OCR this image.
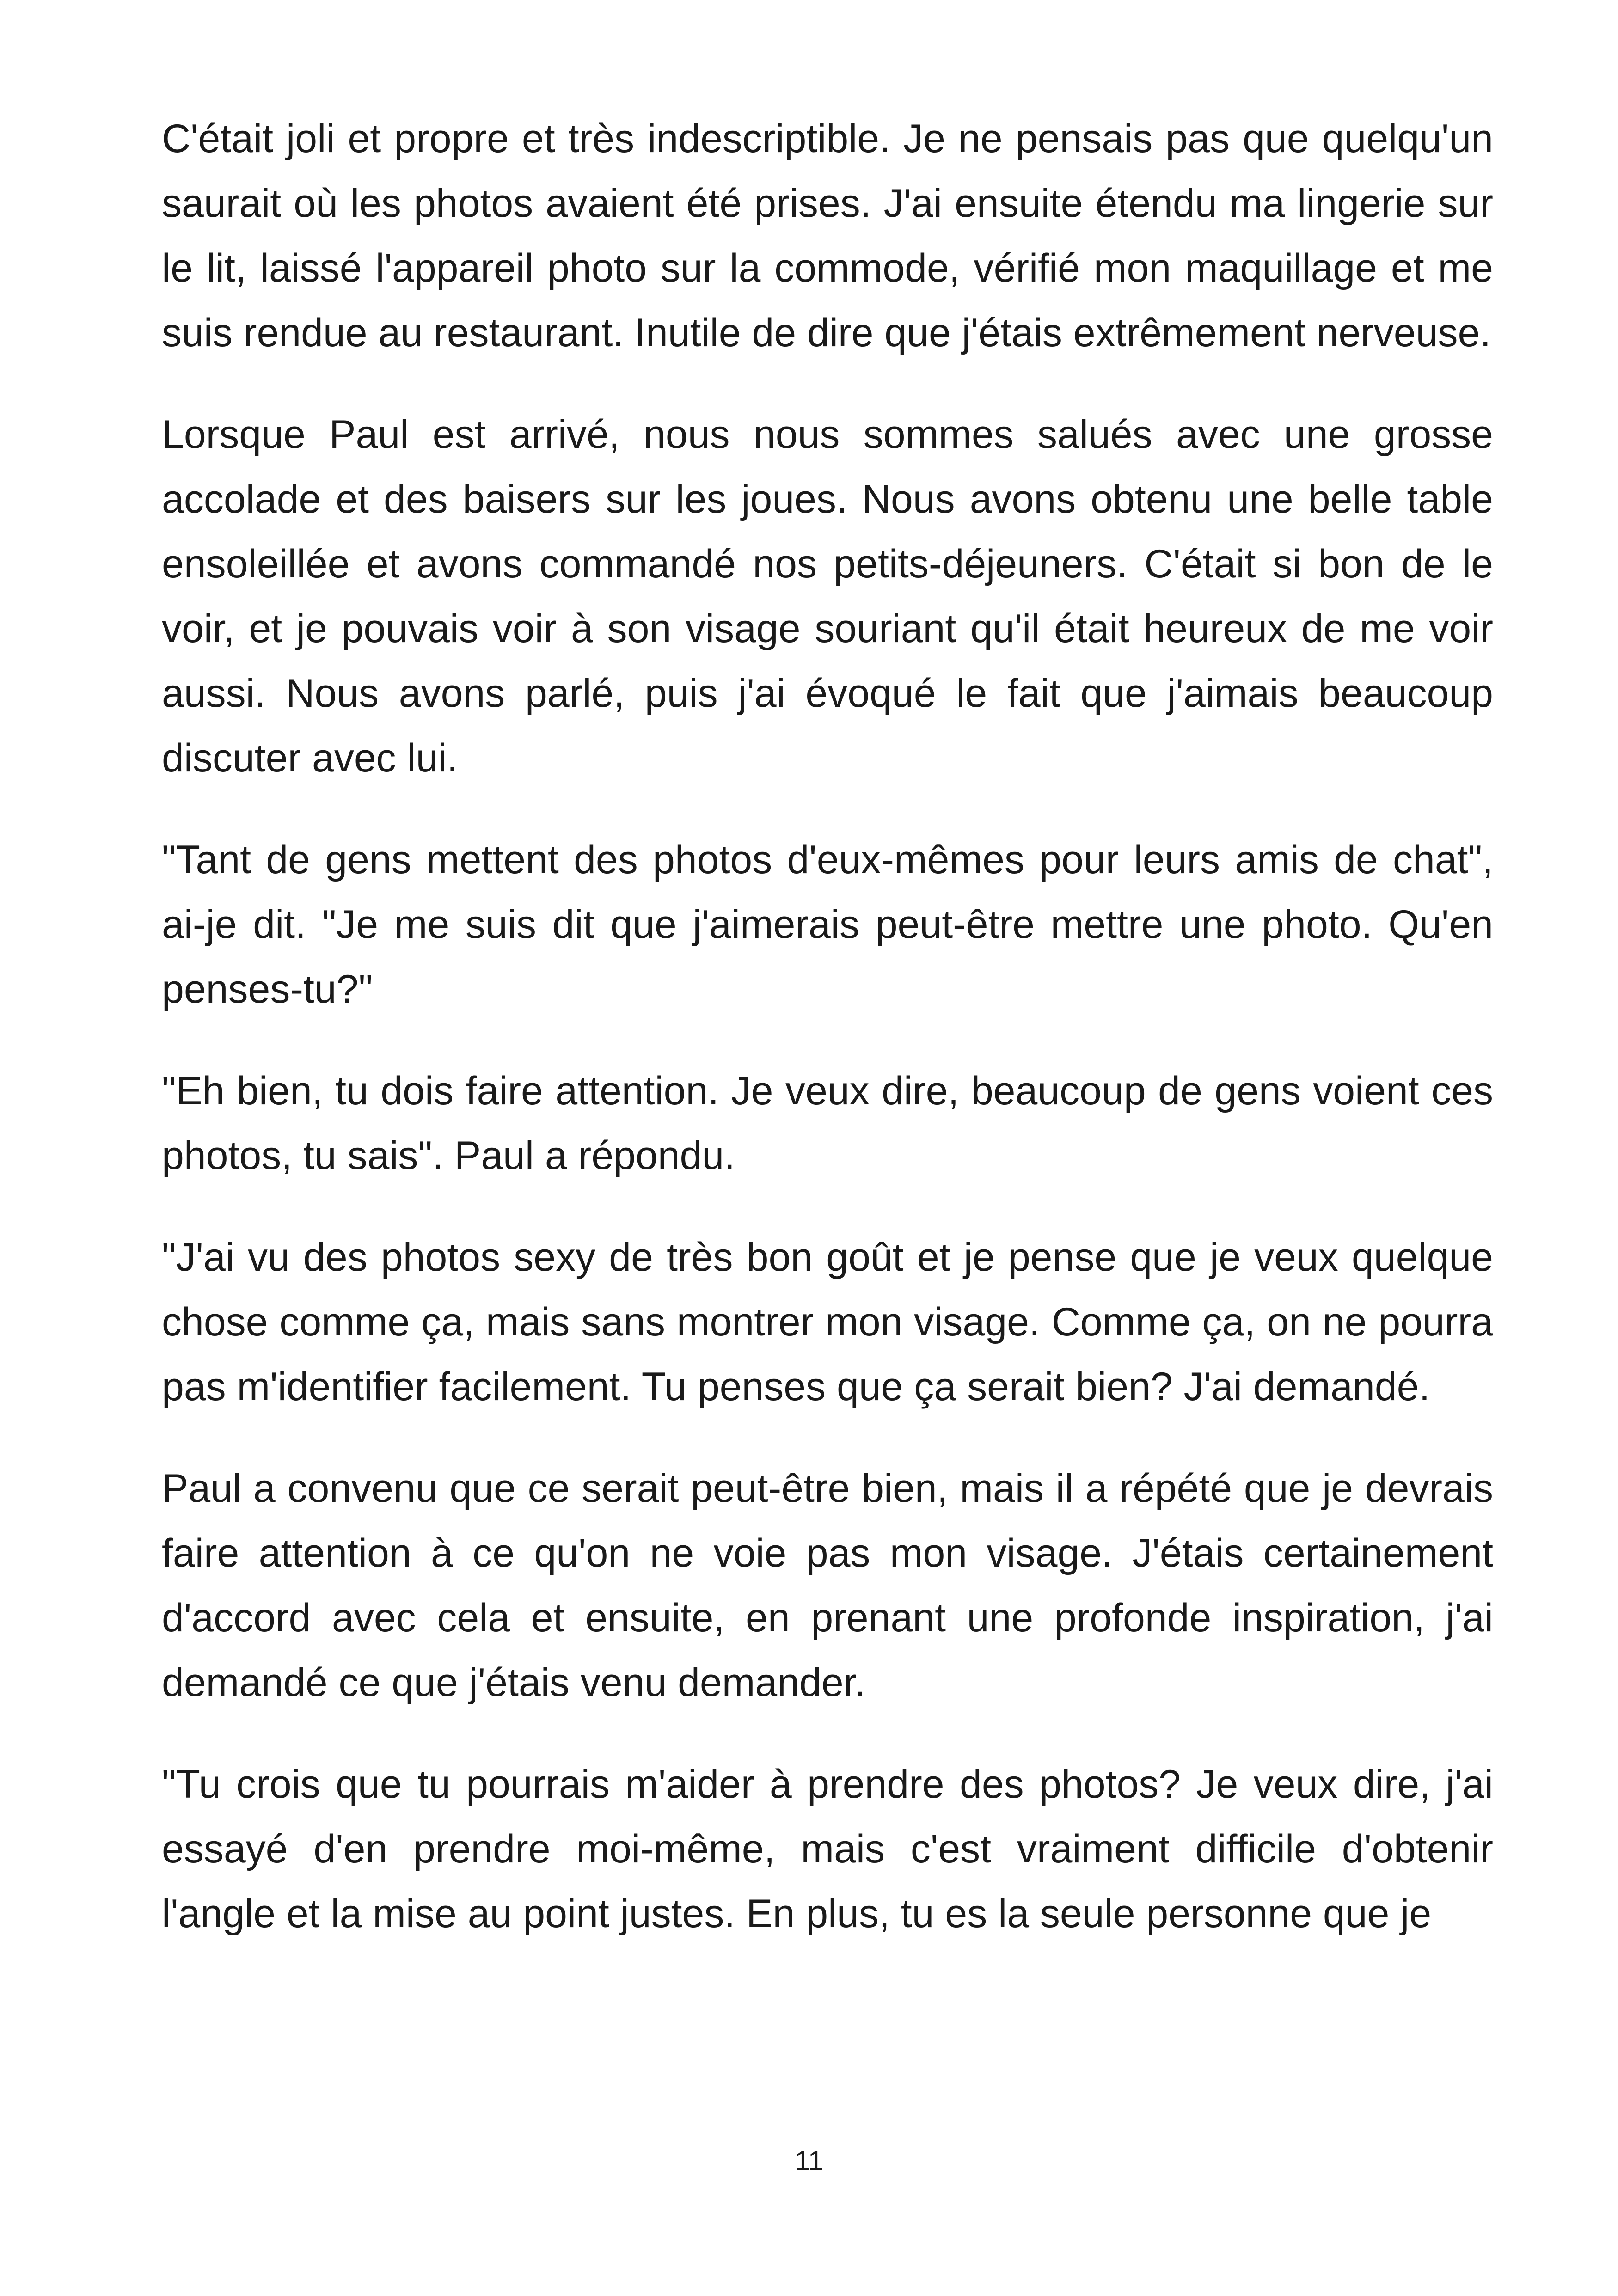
C'était joli et propre et très indescriptible. Je ne pensais pas que quelqu'un saurait où les photos avaient été prises. J'ai ensuite étendu ma lingerie sur le lit, laissé l'appareil photo sur la commode, vérifié mon maquillage et me suis rendue au restaurant. Inutile de dire que j'étais extrêmement nerveuse.

Lorsque Paul est arrivé, nous nous sommes salués avec une grosse accolade et des baisers sur les joues. Nous avons obtenu une belle table ensoleillée et avons commandé nos petits-déjeuners. C'était si bon de le voir, et je pouvais voir à son visage souriant qu'il était heureux de me voir aussi. Nous avons parlé, puis j'ai évoqué le fait que j'aimais beaucoup discuter avec lui.

"Tant de gens mettent des photos d'eux-mêmes pour leurs amis de chat", ai-je dit. "Je me suis dit que j'aimerais peut-être mettre une photo. Qu'en penses-tu?"

"Eh bien, tu dois faire attention. Je veux dire, beaucoup de gens voient ces photos, tu sais". Paul a répondu.

"J'ai vu des photos sexy de très bon goût et je pense que je veux quelque chose comme ça, mais sans montrer mon visage. Comme ça, on ne pourra pas m'identifier facilement. Tu penses que ça serait bien? J'ai demandé.

Paul a convenu que ce serait peut-être bien, mais il a répété que je devrais faire attention à ce qu'on ne voie pas mon visage. J'étais certainement d'accord avec cela et ensuite, en prenant une profonde inspiration, j'ai demandé ce que j'étais venu demander.

"Tu crois que tu pourrais m'aider à prendre des photos? Je veux dire, j'ai essayé d'en prendre moi-même, mais c'est vraiment difficile d'obtenir l'angle et la mise au point justes. En plus, tu es la seule personne que je

11
